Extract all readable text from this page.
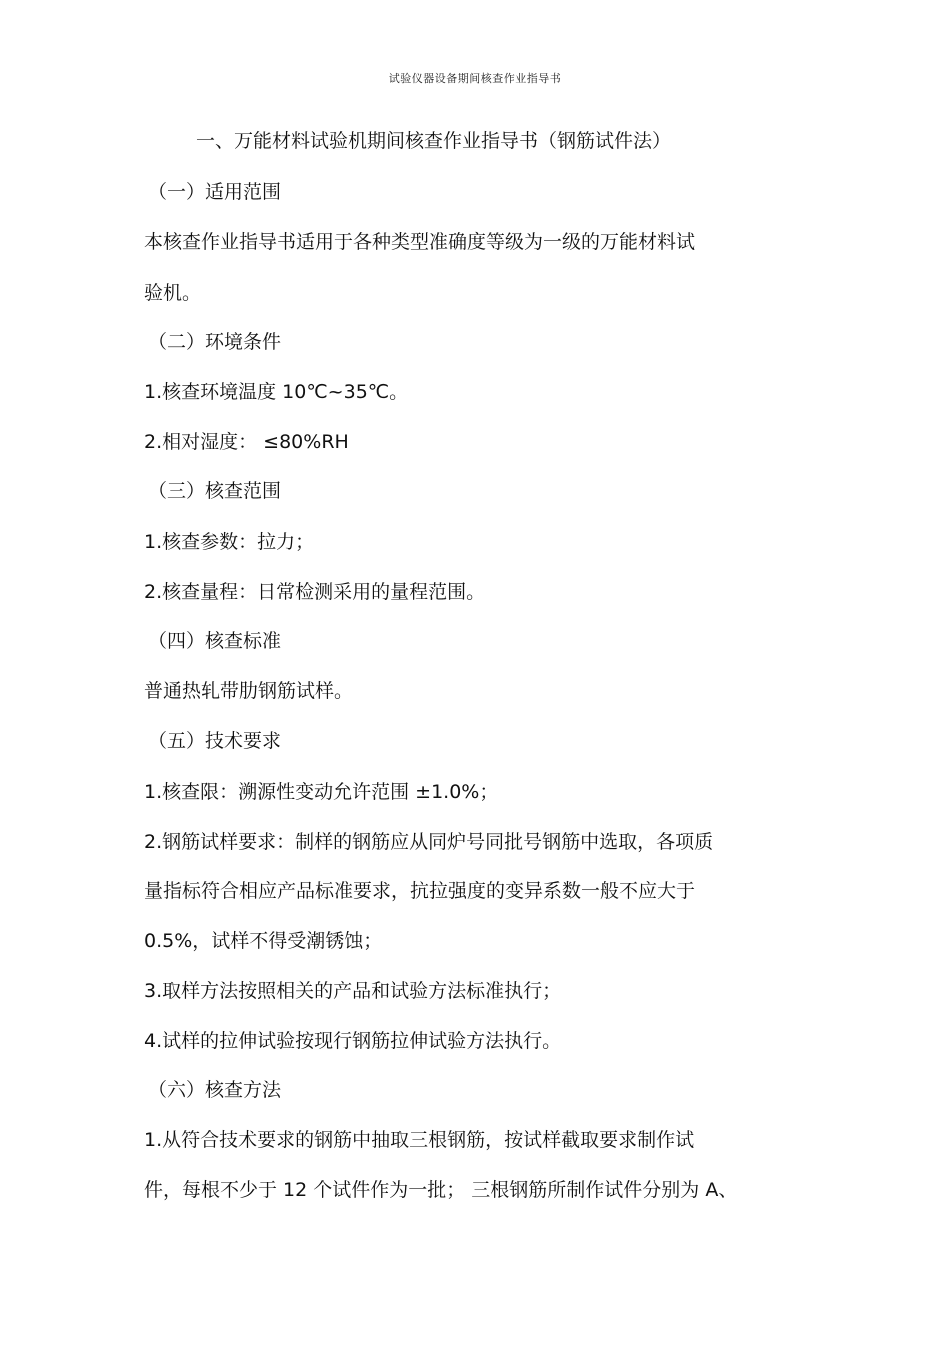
试验仪器设备期间核查作业指导书
一、万能材料试验机期间核查作业指导书（钢筋试件法）
（一）适用范围
本核查作业指导书适用于各种类型准确度等级为一级的万能材料试
验机。
（二）环境条件
1.核查环境温度 10℃~35℃。
2.相对湿度： ≤80%RH
（三）核查范围
1.核查参数：拉力；
2.核查量程：日常检测采用的量程范围。
（四）核查标准
普通热轧带肋钢筋试样。
（五）技术要求
1.核查限：溯源性变动允许范围 ±1.0%；
2.钢筋试样要求：制样的钢筋应从同炉号同批号钢筋中选取，各项质
量指标符合相应产品标准要求，抗拉强度的变异系数一般不应大于
0.5%，试样不得受潮锈蚀；
3.取样方法按照相关的产品和试验方法标准执行；
4.试样的拉伸试验按现行钢筋拉伸试验方法执行。
（六）核查方法
1.从符合技术要求的钢筋中抽取三根钢筋，按试样截取要求制作试
件，每根不少于 12 个试件作为一批； 三根钢筋所制作试件分别为 A、
